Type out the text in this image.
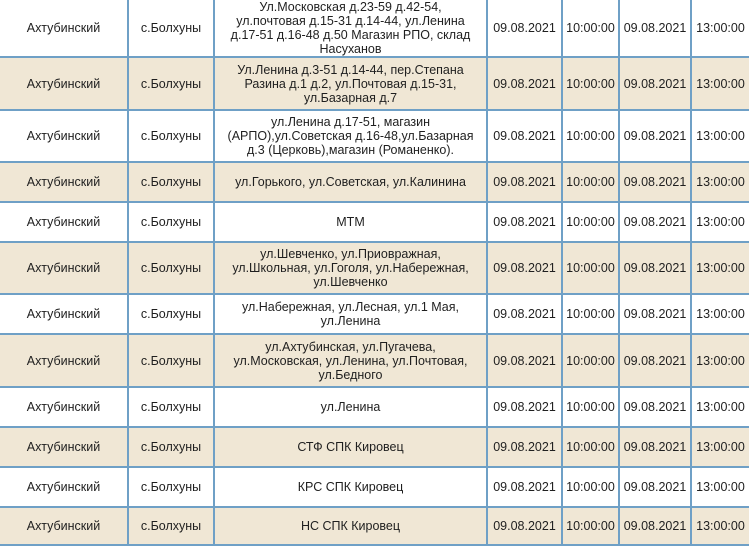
Ахтубинский	с.Болхуны	Ул.Московская д.23-59 д.42-54, ул.почтовая д.15-31 д.14-44, ул.Ленина д.17-51 д.16-48 д.50 Магазин РПО, склад Насуханов	09.08.2021	10:00:00	09.08.2021	13:00:00
Ахтубинский	с.Болхуны	Ул.Ленина д.3-51 д.14-44, пер.Степана Разина д.1 д.2, ул.Почтовая д.15-31, ул.Базарная д.7	09.08.2021	10:00:00	09.08.2021	13:00:00
Ахтубинский	с.Болхуны	ул.Ленина д.17-51, магазин (АРПО),ул.Советская д.16-48,ул.Базарная д.3 (Церковь),магазин (Романенко).	09.08.2021	10:00:00	09.08.2021	13:00:00
Ахтубинский	с.Болхуны	ул.Горького, ул.Советская, ул.Калинина	09.08.2021	10:00:00	09.08.2021	13:00:00
Ахтубинский	с.Болхуны	МТМ	09.08.2021	10:00:00	09.08.2021	13:00:00
Ахтубинский	с.Болхуны	ул.Шевченко, ул.Приовражная, ул.Школьная, ул.Гоголя, ул.Набережная, ул.Шевченко	09.08.2021	10:00:00	09.08.2021	13:00:00
Ахтубинский	с.Болхуны	ул.Набережная, ул.Лесная, ул.1 Мая, ул.Ленина	09.08.2021	10:00:00	09.08.2021	13:00:00
Ахтубинский	с.Болхуны	ул.Ахтубинская, ул.Пугачева, ул.Московская, ул.Ленина, ул.Почтовая, ул.Бедного	09.08.2021	10:00:00	09.08.2021	13:00:00
Ахтубинский	с.Болхуны	ул.Ленина	09.08.2021	10:00:00	09.08.2021	13:00:00
Ахтубинский	с.Болхуны	СТФ СПК Кировец	09.08.2021	10:00:00	09.08.2021	13:00:00
Ахтубинский	с.Болхуны	КРС СПК Кировец	09.08.2021	10:00:00	09.08.2021	13:00:00
Ахтубинский	с.Болхуны	НС СПК Кировец	09.08.2021	10:00:00	09.08.2021	13:00:00
